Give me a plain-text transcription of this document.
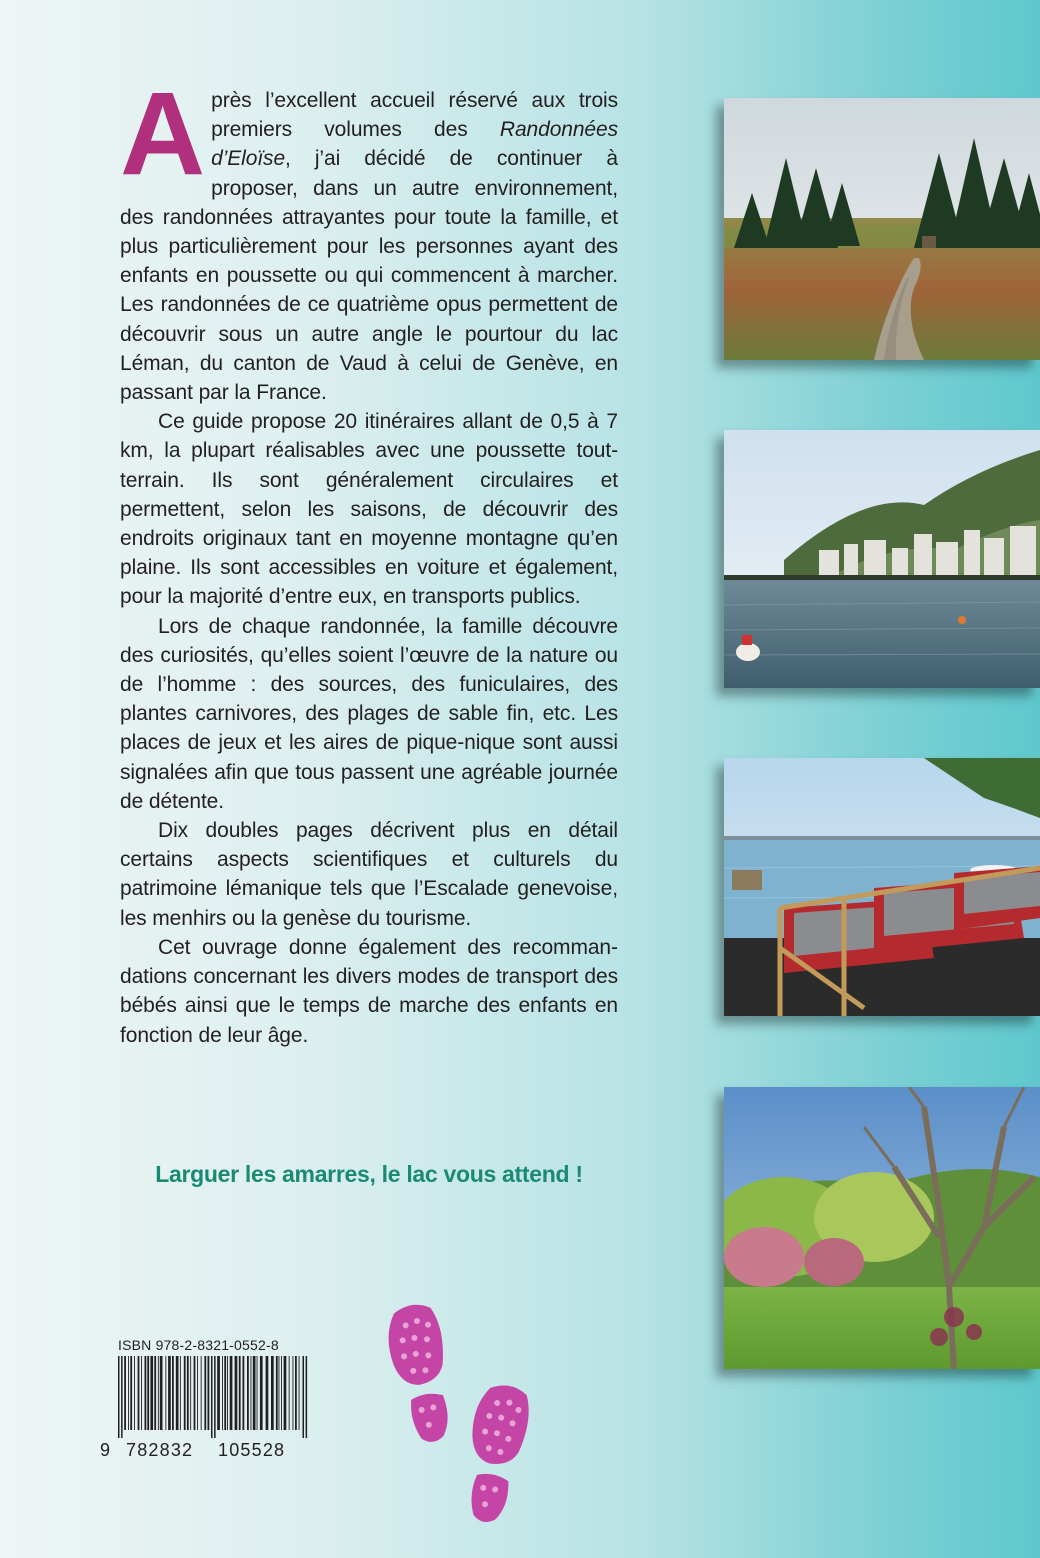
Après l’excellent accueil réservé aux trois premiers volumes des Randonnées d’Eloïse, j’ai décidé de continuer à proposer, dans un autre environnement, des randonnées attrayantes pour toute la famille, et plus particulièrement pour les personnes ayant des enfants en poussette ou qui commencent à marcher. Les randonnées de ce quatrième opus permettent de découvrir sous un autre angle le pourtour du lac Léman, du canton de Vaud à celui de Genève, en passant par la France.

Ce guide propose 20 itinéraires allant de 0,5 à 7 km, la plupart réalisables avec une poussette tout-terrain. Ils sont généralement circulaires et permettent, selon les saisons, de découvrir des endroits originaux tant en moyenne montagne qu’en plaine. Ils sont accessibles en voiture et également, pour la majorité d’entre eux, en transports publics.

Lors de chaque randonnée, la famille découvre des curiosités, qu’elles soient l’œuvre de la nature ou de l’homme : des sources, des funiculaires, des plantes carnivores, des plages de sable fin, etc. Les places de jeux et les aires de pique-nique sont aussi signalées afin que tous passent une agréable journée de détente.

Dix doubles pages décrivent plus en détail certains aspects scientifiques et culturels du patrimoine lémanique tels que l’Escalade genevoise, les menhirs ou la genèse du tourisme.

Cet ouvrage donne également des recommandations concernant les divers modes de transport des bébés ainsi que le temps de marche des enfants en fonction de leur âge.

Larguer les amarres, le lac vous attend !
ISBN 978-2-8321-0552-8
9 782832 105528
